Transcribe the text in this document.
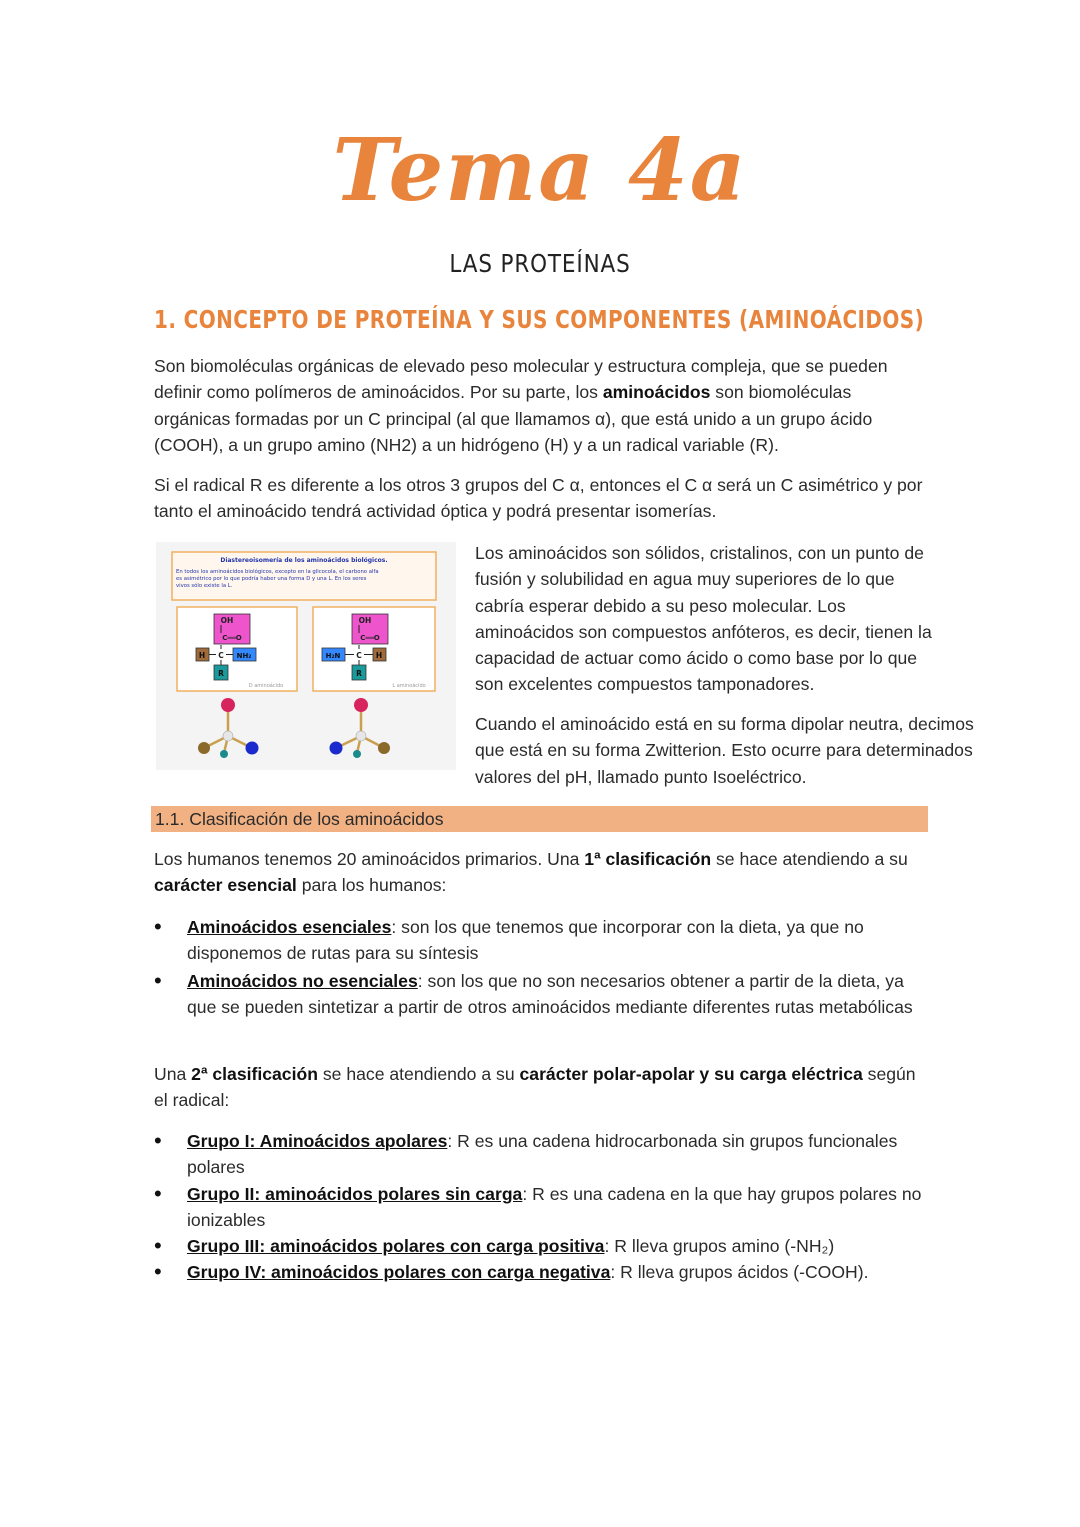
Tema 4a
LAS PROTEÍNAS
1. CONCEPTO DE PROTEÍNA Y SUS COMPONENTES (AMINOÁCIDOS)

Son biomoléculas orgánicas de elevado peso molecular y estructura compleja, que se pueden definir como polímeros de aminoácidos. Por su parte, los aminoácidos son biomoléculas orgánicas formadas por un C principal (al que llamamos α), que está unido a un grupo ácido (COOH), a un grupo amino (NH2) a un hidrógeno (H) y a un radical variable (R).

Si el radical R es diferente a los otros 3 grupos del C α, entonces el C α será un C asimétrico y por tanto el aminoácido tendrá actividad óptica y podrá presentar isomerías.

Diastereoisomería de los aminoácidos biológicos.
En todos los aminoácidos biológicos, excepto en la glicocola, el carbono alfa
es asimétrico por lo que podría haber una forma D y una L. En los seres
vivos sólo existe la L.
OH
C══O
H C NH₂
R
D aminoácido
OH
C══O
H₂N C H
R
L aminoácido

Los aminoácidos son sólidos, cristalinos, con un punto de fusión y solubilidad en agua muy superiores de lo que cabría esperar debido a su peso molecular. Los aminoácidos son compuestos anfóteros, es decir, tienen la capacidad de actuar como ácido o como base por lo que son excelentes compuestos tamponadores.

Cuando el aminoácido está en su forma dipolar neutra, decimos que está en su forma Zwitterion. Esto ocurre para determinados valores del pH, llamado punto Isoeléctrico.

1.1. Clasificación de los aminoácidos

Los humanos tenemos 20 aminoácidos primarios. Una 1ª clasificación se hace atendiendo a su carácter esencial para los humanos:

• Aminoácidos esenciales: son los que tenemos que incorporar con la dieta, ya que no disponemos de rutas para su síntesis
• Aminoácidos no esenciales: son los que no son necesarios obtener a partir de la dieta, ya que se pueden sintetizar a partir de otros aminoácidos mediante diferentes rutas metabólicas

Una 2ª clasificación se hace atendiendo a su carácter polar-apolar y su carga eléctrica según el radical:

• Grupo I: Aminoácidos apolares: R es una cadena hidrocarbonada sin grupos funcionales polares
• Grupo II: aminoácidos polares sin carga: R es una cadena en la que hay grupos polares no ionizables
• Grupo III: aminoácidos polares con carga positiva: R lleva grupos amino (-NH₂)
• Grupo IV: aminoácidos polares con carga negativa: R lleva grupos ácidos (-COOH).
